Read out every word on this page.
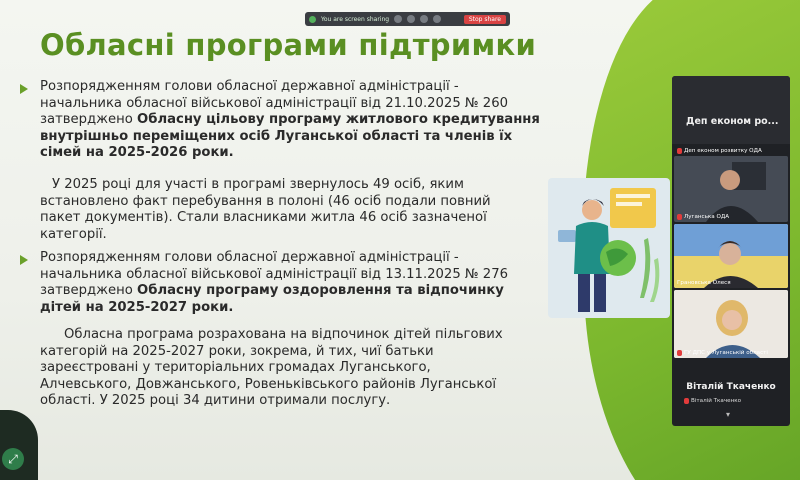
You are screen sharing	Stop share
Обласні програми підтримки

Розпорядженням голови обласної державної адміністрації - начальника обласної військової адміністрації від 21.10.2025 № 260 затверджено Обласну цільову програму житлового кредитування внутрішньо переміщених осіб Луганської області та членів їх сімей на 2025-2026 роки.

У 2025 році для участі в програмі звернулось 49 осіб, яким встановлено факт перебування в полоні (46 осіб подали повний пакет документів). Стали власниками житла 46 осіб зазначеної категорії.

Розпорядженням голови обласної державної адміністрації - начальника обласної військової адміністрації від 13.11.2025 № 276 затверджено Обласну програму оздоровлення та відпочинку дітей на 2025-2027 роки.

Обласна програма розрахована на відпочинок дітей пільгових категорій на 2025-2027 роки, зокрема, й тих, чиї батьки зареєстровані у територіальних громадах Луганського, Алчевського, Довжанського, Ровеньківського районів Луганської області. У 2025 році 34 дитини отримали послугу.

⤢
Деп економ ро...
Деп економ розвитку ОДА
Луганська ОДА
Грановська Олеся
ГУ ДПС у Луганській області
Віталій Ткаченко
Віталій Ткаченко
▾
